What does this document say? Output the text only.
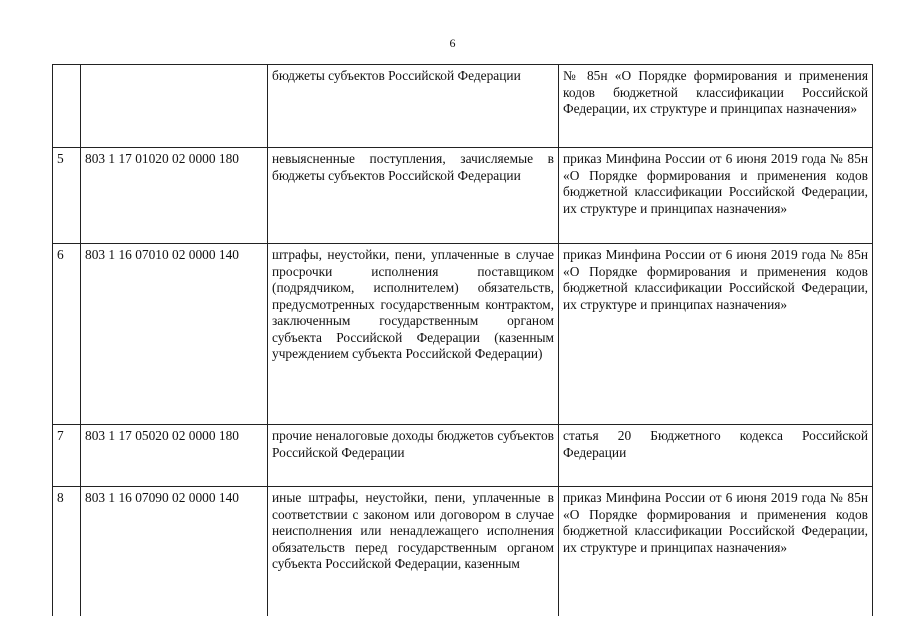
6
		бюджеты субъектов Российской Федерации	№ 85н «О Порядке формирования и применения кодов бюджетной классификации Российской Федерации, их структуре и принципах назначения»
5	803 1 17 01020 02 0000 180	невыясненные поступления, зачисляемые в бюджеты субъектов Российской Федерации	приказ Минфина России от 6 июня 2019 года № 85н «О Порядке формирования и применения кодов бюджетной классификации Российской Федерации, их структуре и принципах назначения»
6	803 1 16 07010 02 0000 140	штрафы, неустойки, пени, уплаченные в случае просрочки исполнения поставщиком (подрядчиком, исполнителем) обязательств, предусмотренных государственным контрактом, заключенным государственным органом субъекта Российской Федерации (казенным учреждением субъекта Российской Федерации)	приказ Минфина России от 6 июня 2019 года № 85н «О Порядке формирования и применения кодов бюджетной классификации Российской Федерации, их структуре и принципах назначения»
7	803 1 17 05020 02 0000 180	прочие неналоговые доходы бюджетов субъектов Российской Федерации	статья 20 Бюджетного кодекса Российской Федерации
8	803 1 16 07090 02 0000 140	иные штрафы, неустойки, пени, уплаченные в соответствии с законом или договором в случае неисполнения или ненадлежащего исполнения обязательств перед государственным органом субъекта Российской Федерации, казенным	приказ Минфина России от 6 июня 2019 года № 85н «О Порядке формирования и применения кодов бюджетной классификации Российской Федерации, их структуре и принципах назначения»
